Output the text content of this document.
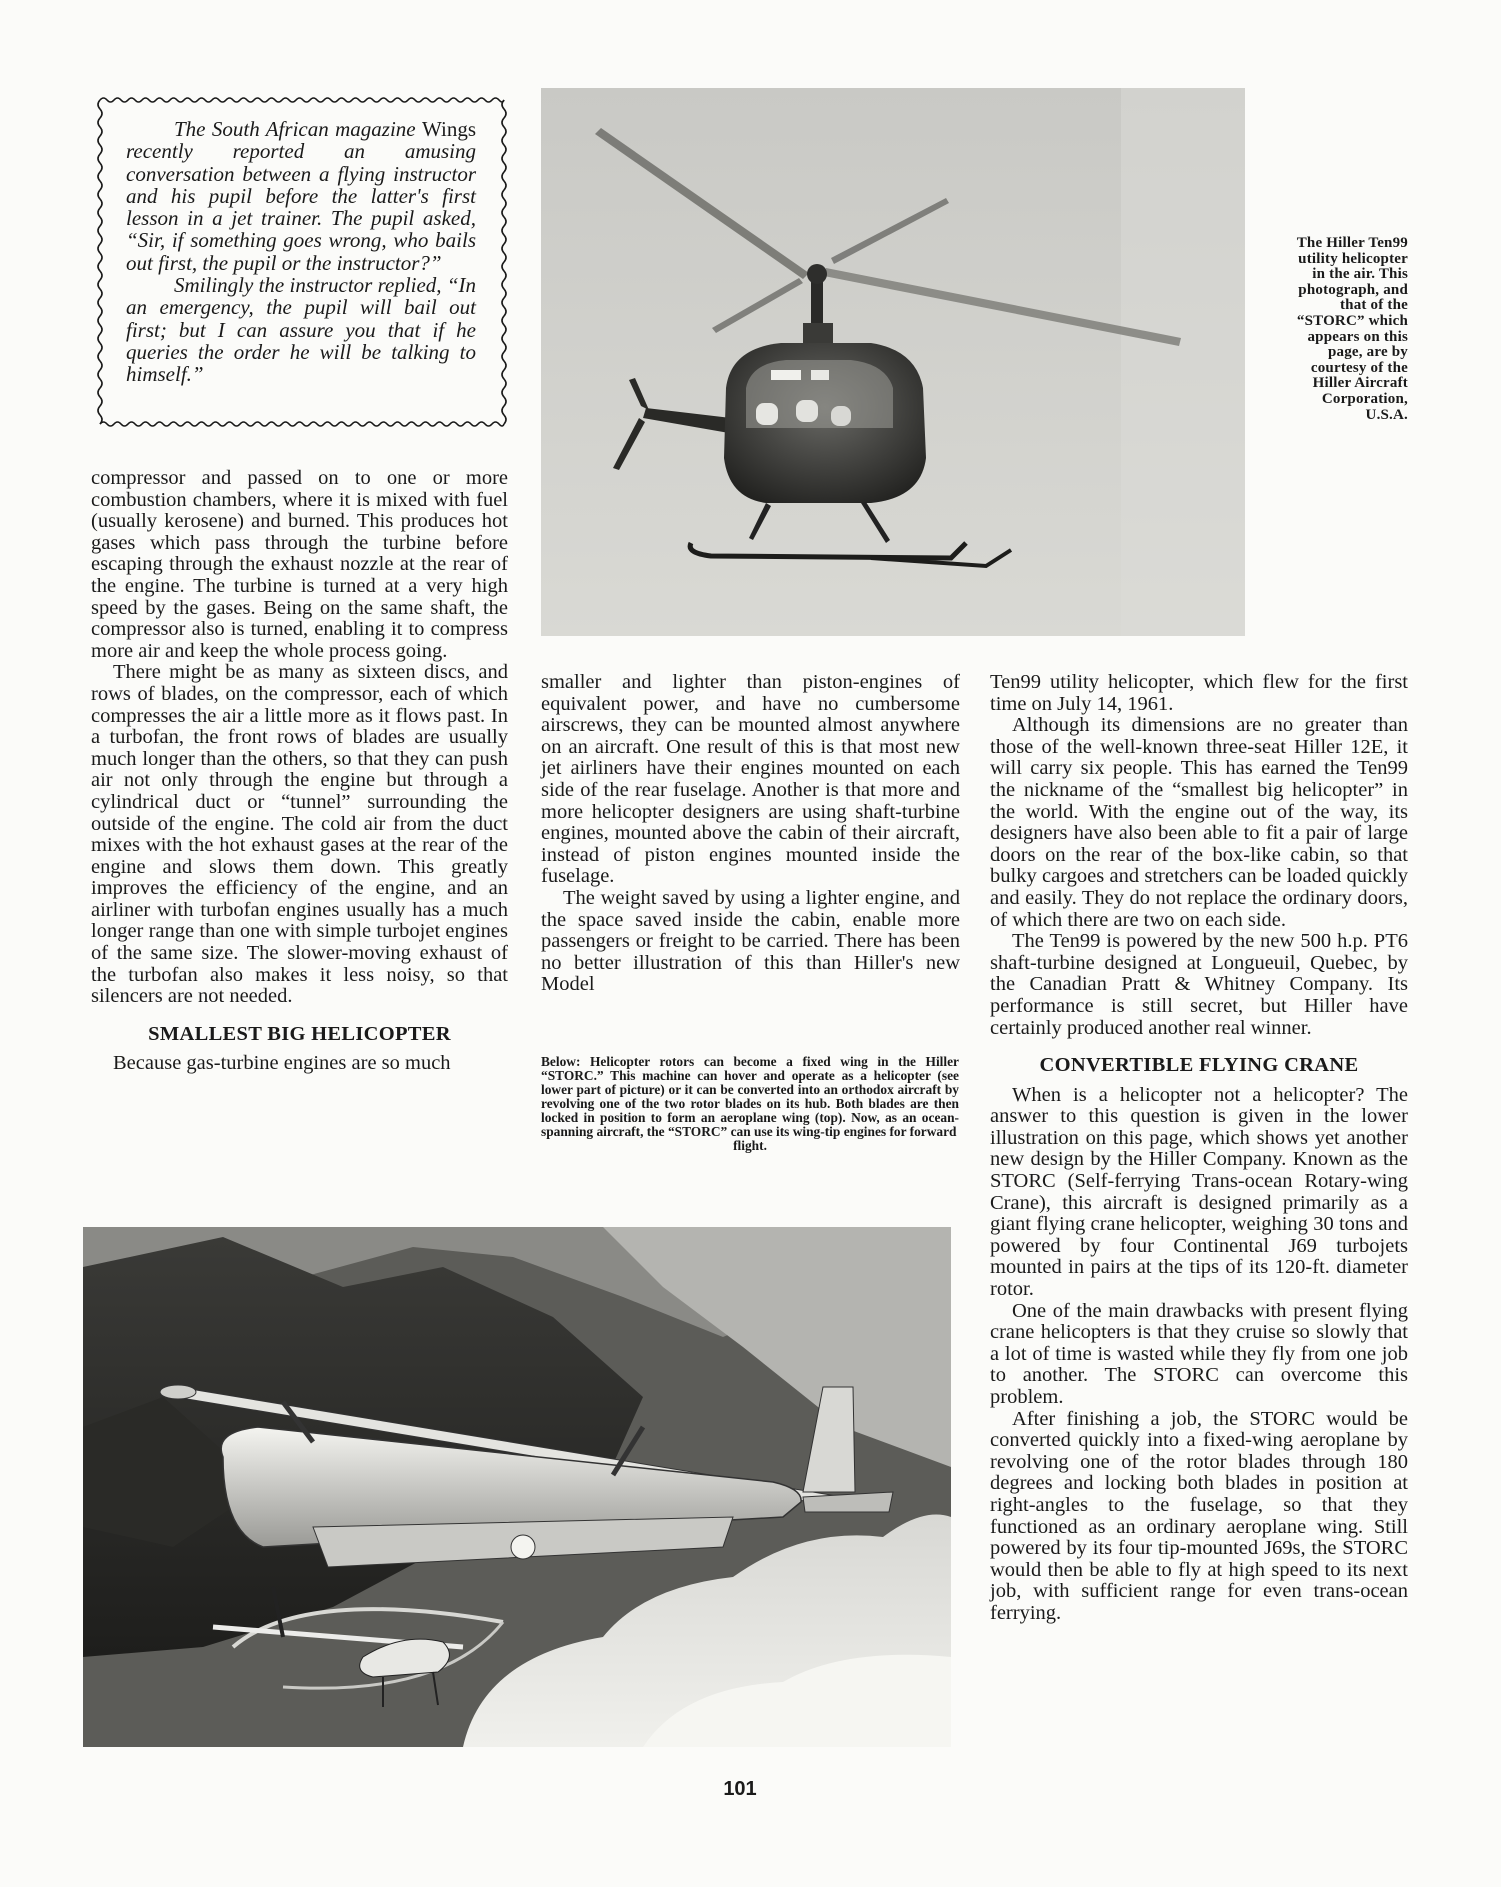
The South African magazine Wings recently reported an amusing conversation between a flying instructor and his pupil before the latter's first lesson in a jet trainer. The pupil asked, “Sir, if something goes wrong, who bails out first, the pupil or the instructor?”

Smilingly the instructor replied, “In an emergency, the pupil will bail out first; but I can assure you that if he queries the order he will be talking to himself.”

The Hiller Ten99 utility helicopter in the air. This photograph, and that of the “STORC” which appears on this page, are by courtesy of the Hiller Aircraft Corporation, U.S.A.

compressor and passed on to one or more combustion chambers, where it is mixed with fuel (usually kerosene) and burned. This produces hot gases which pass through the turbine before escaping through the exhaust nozzle at the rear of the engine. The turbine is turned at a very high speed by the gases. Being on the same shaft, the compressor also is turned, enabling it to compress more air and keep the whole process going.

There might be as many as sixteen discs, and rows of blades, on the compressor, each of which compresses the air a little more as it flows past. In a turbofan, the front rows of blades are usually much longer than the others, so that they can push air not only through the engine but through a cylindrical duct or “tunnel” surrounding the outside of the engine. The cold air from the duct mixes with the hot exhaust gases at the rear of the engine and slows them down. This greatly improves the efficiency of the engine, and an airliner with turbofan engines usually has a much longer range than one with simple turbojet engines of the same size. The slower-moving exhaust of the turbofan also makes it less noisy, so that silencers are not needed.

SMALLEST BIG HELICOPTER

Because gas-turbine engines are so much

smaller and lighter than piston-engines of equivalent power, and have no cumbersome airscrews, they can be mounted almost anywhere on an aircraft. One result of this is that most new jet airliners have their engines mounted on each side of the rear fuselage. Another is that more and more helicopter designers are using shaft-turbine engines, mounted above the cabin of their aircraft, instead of piston engines mounted inside the fuselage.

The weight saved by using a lighter engine, and the space saved inside the cabin, enable more passengers or freight to be carried. There has been no better illustration of this than Hiller's new Model

Below: Helicopter rotors can become a fixed wing in the Hiller “STORC.” This machine can hover and operate as a helicopter (see lower part of picture) or it can be converted into an orthodox aircraft by revolving one of the two rotor blades on its hub. Both blades are then locked in position to form an aeroplane wing (top). Now, as an ocean-spanning aircraft, the “STORC” can use its wing-tip engines for forward
flight.

Ten99 utility helicopter, which flew for the first time on July 14, 1961.

Although its dimensions are no greater than those of the well-known three-seat Hiller 12E, it will carry six people. This has earned the Ten99 the nickname of the “smallest big helicopter” in the world. With the engine out of the way, its designers have also been able to fit a pair of large doors on the rear of the box-like cabin, so that bulky cargoes and stretchers can be loaded quickly and easily. They do not replace the ordinary doors, of which there are two on each side.

The Ten99 is powered by the new 500 h.p. PT6 shaft-turbine designed at Longueuil, Quebec, by the Canadian Pratt & Whitney Company. Its performance is still secret, but Hiller have certainly produced another real winner.

CONVERTIBLE FLYING CRANE

When is a helicopter not a helicopter? The answer to this question is given in the lower illustration on this page, which shows yet another new design by the Hiller Company. Known as the STORC (Self-ferrying Trans-ocean Rotary-wing Crane), this aircraft is designed primarily as a giant flying crane helicopter, weighing 30 tons and powered by four Continental J69 turbojets mounted in pairs at the tips of its 120-ft. diameter rotor.

One of the main drawbacks with present flying crane helicopters is that they cruise so slowly that a lot of time is wasted while they fly from one job to another. The STORC can overcome this problem.

After finishing a job, the STORC would be converted quickly into a fixed-wing aeroplane by revolving one of the rotor blades through 180 degrees and locking both blades in position at right-angles to the fuselage, so that they functioned as an ordinary aeroplane wing. Still powered by its four tip-mounted J69s, the STORC would then be able to fly at high speed to its next job, with sufficient range for even trans-ocean ferrying.

101
